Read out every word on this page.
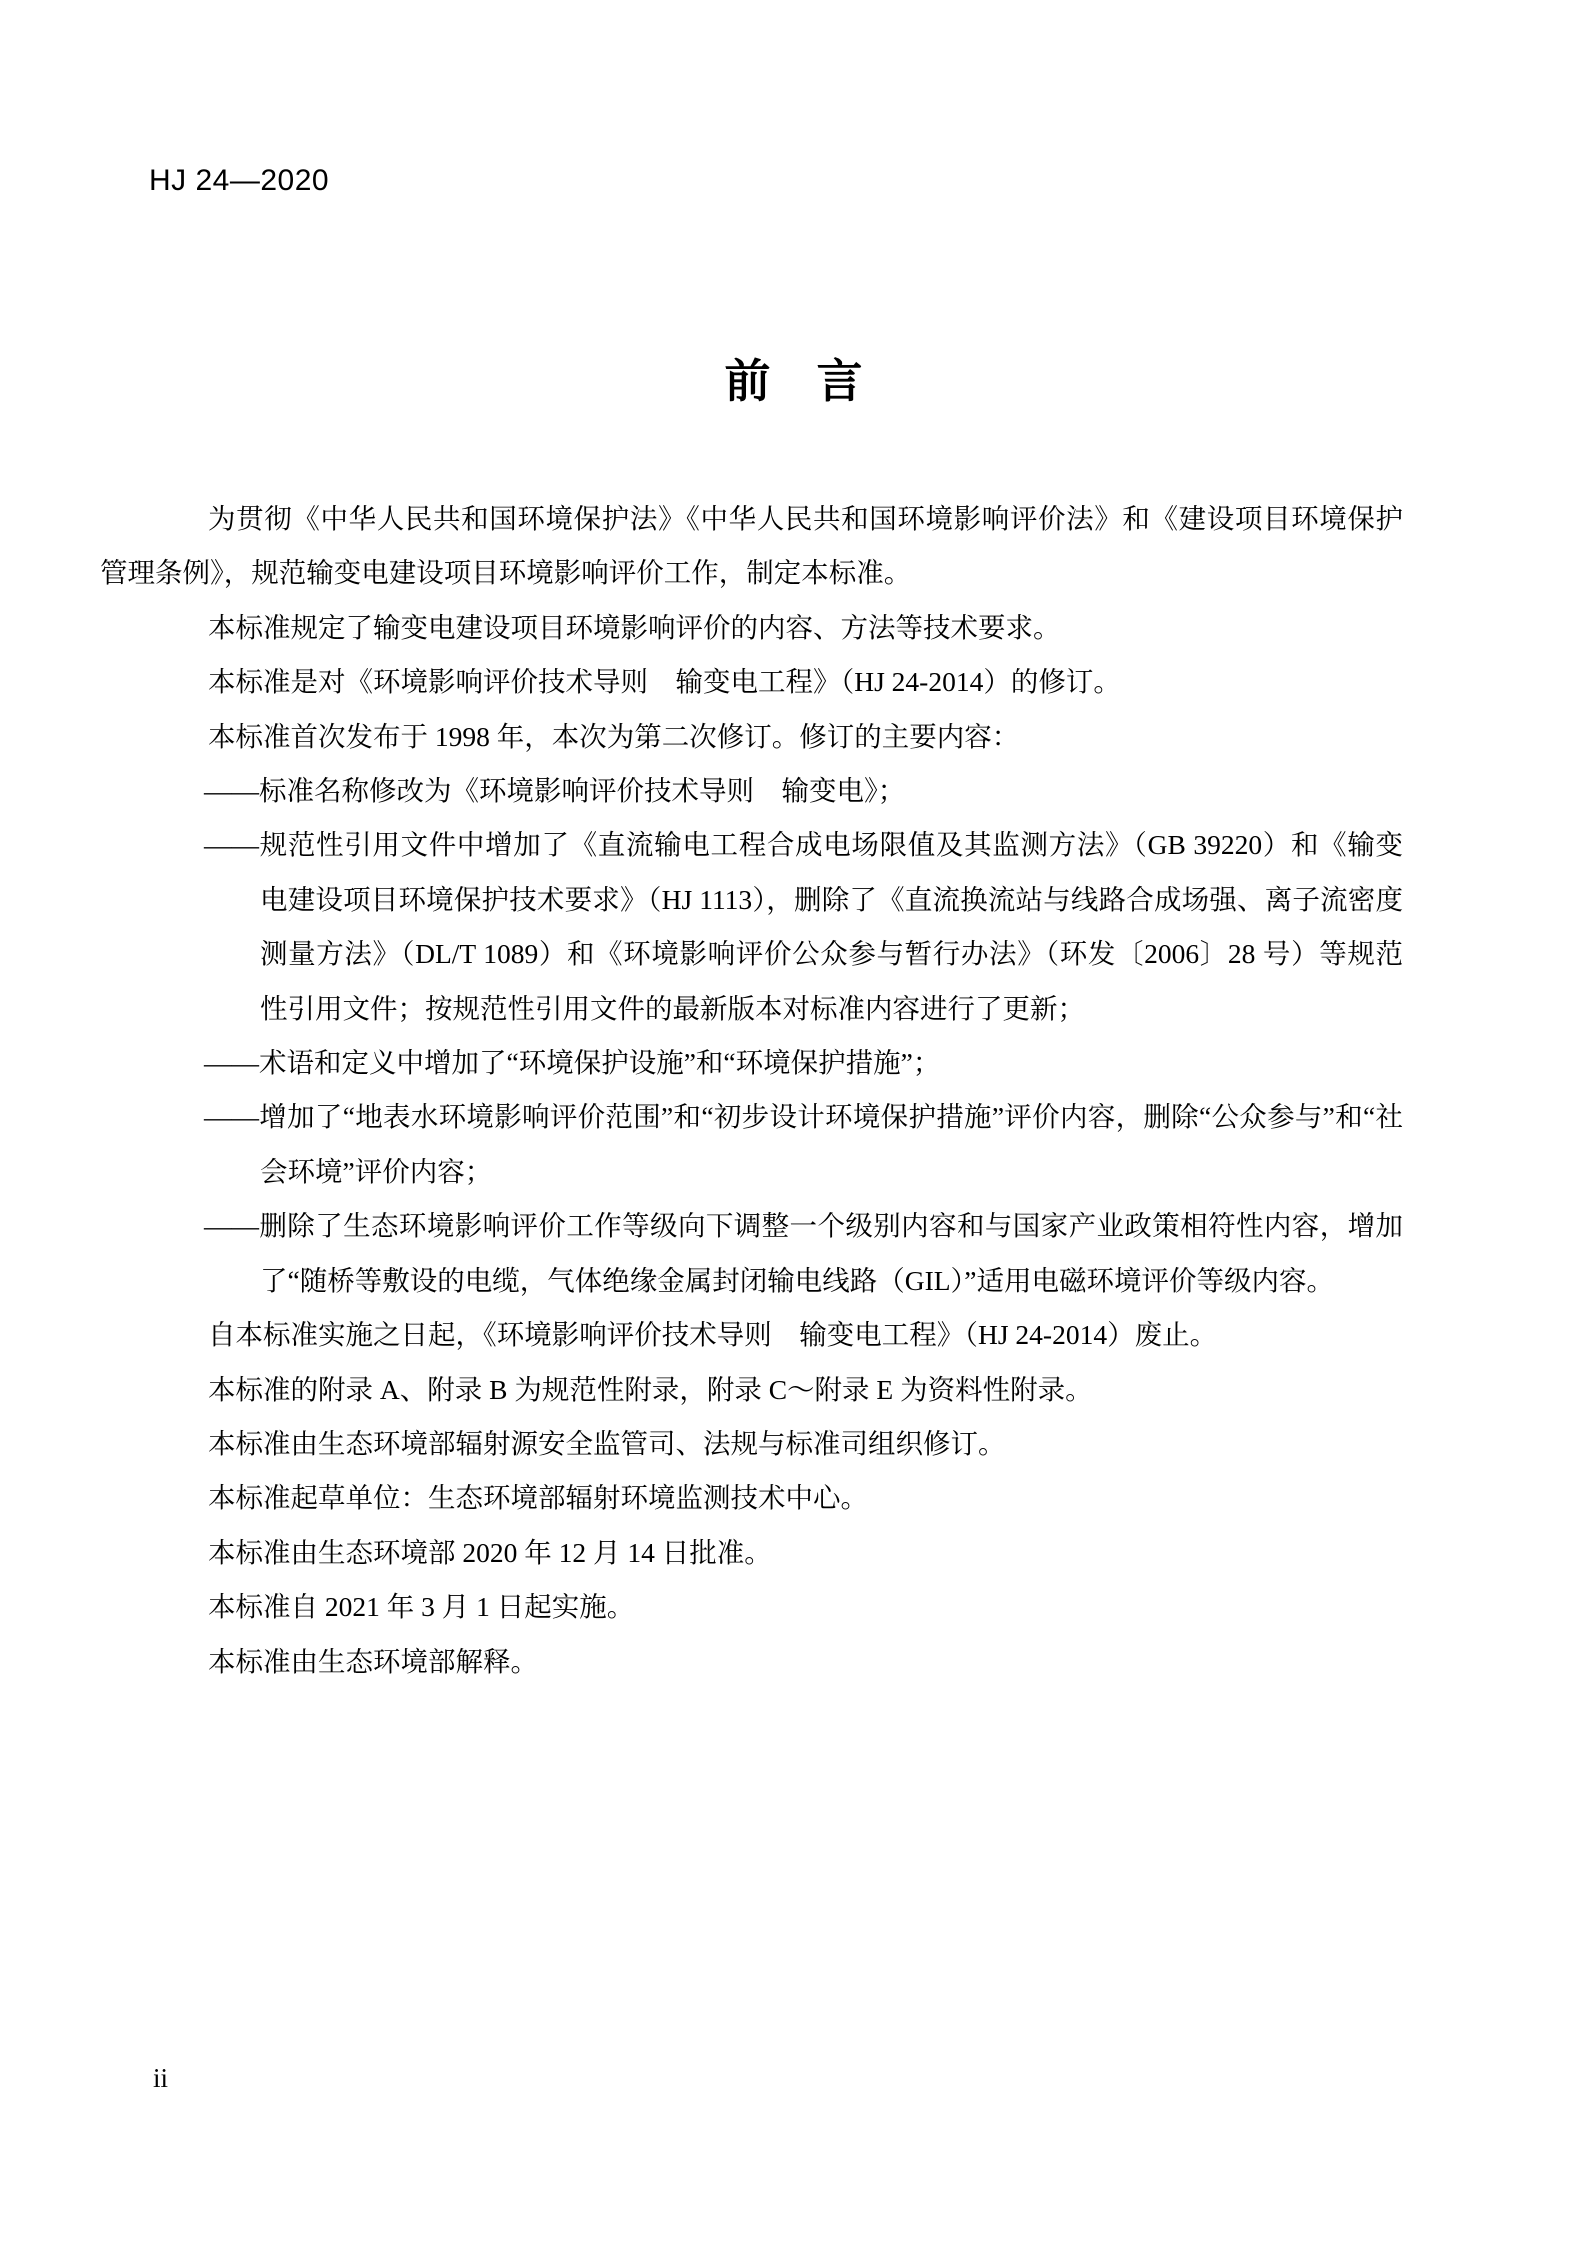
HJ 24—2020
前　言
为贯彻《中华人民共和国环境保护法》《中华人民共和国环境影响评价法》和《建设项目环境保护管理条例》，规范输变电建设项目环境影响评价工作，制定本标准。
本标准规定了输变电建设项目环境影响评价的内容、方法等技术要求。
本标准是对《环境影响评价技术导则　输变电工程》（HJ 24-2014）的修订。
本标准首次发布于 1998 年，本次为第二次修订。修订的主要内容：
——标准名称修改为《环境影响评价技术导则　输变电》；
——规范性引用文件中增加了《直流输电工程合成电场限值及其监测方法》（GB 39220）和《输变电建设项目环境保护技术要求》（HJ 1113），删除了《直流换流站与线路合成场强、离子流密度测量方法》（DL/T 1089）和《环境影响评价公众参与暂行办法》（环发〔2006〕28 号）等规范性引用文件；按规范性引用文件的最新版本对标准内容进行了更新；
——术语和定义中增加了“环境保护设施”和“环境保护措施”；
——增加了“地表水环境影响评价范围”和“初步设计环境保护措施”评价内容，删除“公众参与”和“社会环境”评价内容；
——删除了生态环境影响评价工作等级向下调整一个级别内容和与国家产业政策相符性内容，增加了“随桥等敷设的电缆，气体绝缘金属封闭输电线路（GIL）”适用电磁环境评价等级内容。
自本标准实施之日起，《环境影响评价技术导则　输变电工程》（HJ 24-2014）废止。
本标准的附录 A、附录 B 为规范性附录，附录 C～附录 E 为资料性附录。
本标准由生态环境部辐射源安全监管司、法规与标准司组织修订。
本标准起草单位：生态环境部辐射环境监测技术中心。
本标准由生态环境部 2020 年 12 月 14 日批准。
本标准自 2021 年 3 月 1 日起实施。
本标准由生态环境部解释。
ii
